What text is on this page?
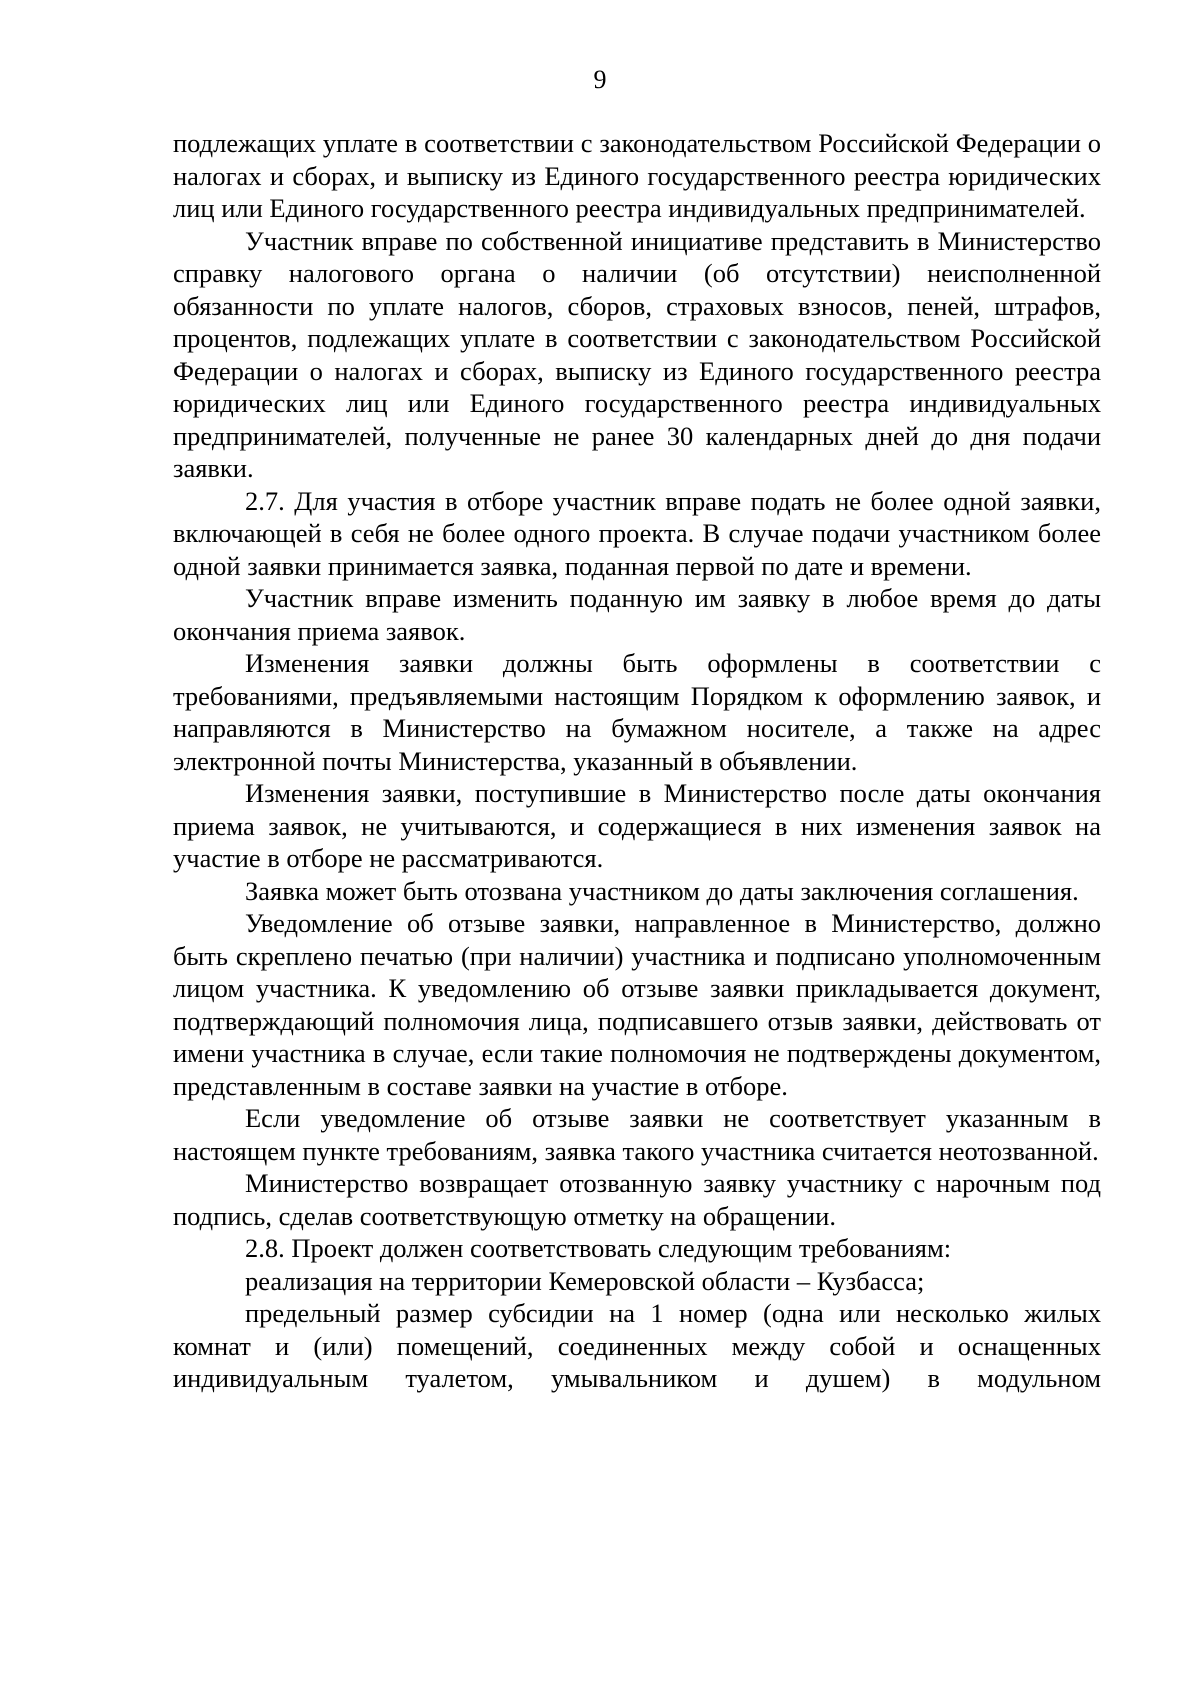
9

подлежащих уплате в соответствии с законодательством Российской Федерации о налогах и сборах, и выписку из Единого государственного реестра юридических лиц или Единого государственного реестра индивидуальных предпринимателей.

Участник вправе по собственной инициативе представить в Министерство справку налогового органа о наличии (об отсутствии) неисполненной обязанности по уплате налогов, сборов, страховых взносов, пеней, штрафов, процентов, подлежащих уплате в соответствии с законодательством Российской Федерации о налогах и сборах, выписку из Единого государственного реестра юридических лиц или Единого государственного реестра индивидуальных предпринимателей, полученные не ранее 30 календарных дней до дня подачи заявки.

2.7. Для участия в отборе участник вправе подать не более одной заявки, включающей в себя не более одного проекта. В случае подачи участником более одной заявки принимается заявка, поданная первой по дате и времени.

Участник вправе изменить поданную им заявку в любое время до даты окончания приема заявок.

Изменения заявки должны быть оформлены в соответствии с требованиями, предъявляемыми настоящим Порядком к оформлению заявок, и направляются в Министерство на бумажном носителе, а также на адрес электронной почты Министерства, указанный в объявлении.

Изменения заявки, поступившие в Министерство после даты окончания приема заявок, не учитываются, и содержащиеся в них изменения заявок на участие в отборе не рассматриваются.

Заявка может быть отозвана участником до даты заключения соглашения.

Уведомление об отзыве заявки, направленное в Министерство, должно быть скреплено печатью (при наличии) участника и подписано уполномоченным лицом участника. К уведомлению об отзыве заявки прикладывается документ, подтверждающий полномочия лица, подписавшего отзыв заявки, действовать от имени участника в случае, если такие полномочия не подтверждены документом, представленным в составе заявки на участие в отборе.

Если уведомление об отзыве заявки не соответствует указанным в настоящем пункте требованиям, заявка такого участника считается неотозванной.

Министерство возвращает отозванную заявку участнику с нарочным под подпись, сделав соответствующую отметку на обращении.

2.8. Проект должен соответствовать следующим требованиям:

реализация на территории Кемеровской области – Кузбасса;

предельный размер субсидии на 1 номер (одна или несколько жилых комнат и (или) помещений, соединенных между собой и оснащенных индивидуальным туалетом, умывальником и душем) в модульном
